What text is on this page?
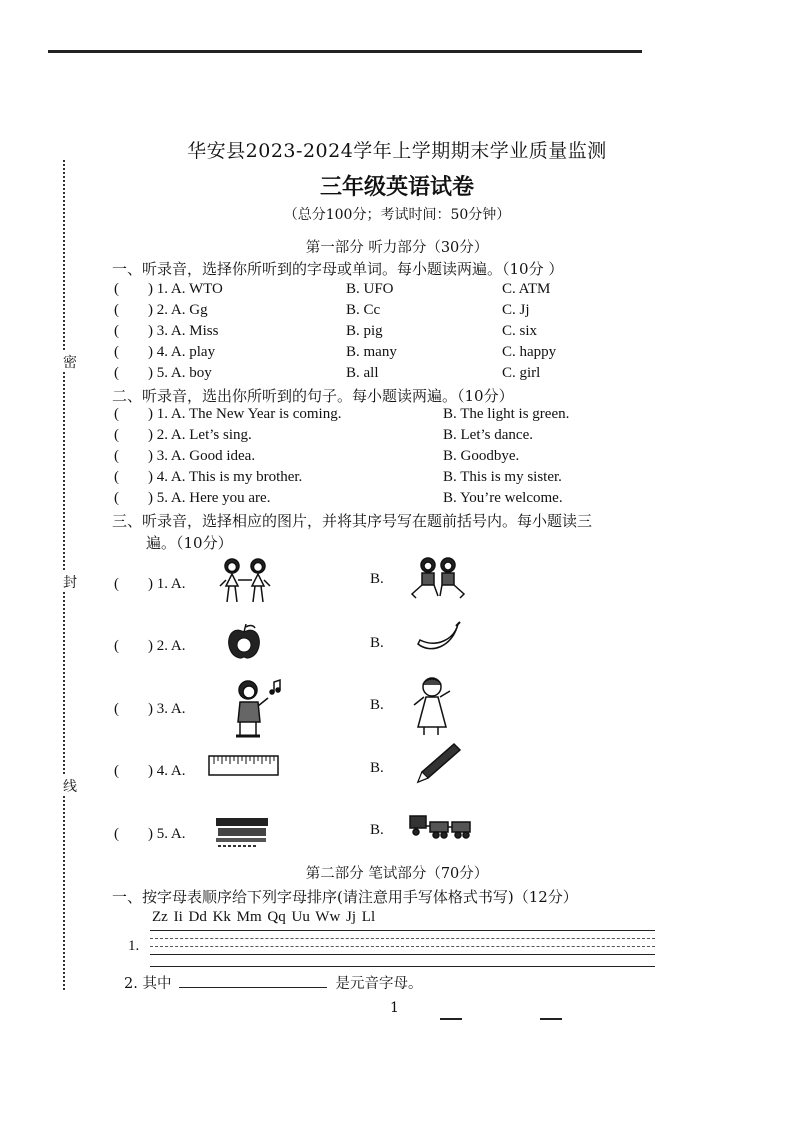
密
封
线
华安县2023-2024学年上学期期末学业质量监测
三年级英语试卷
（总分100分；考试时间：50分钟）
第一部分 听力部分（30分）
一、听录音，选择你所听到的字母或单词。每小题读两遍。（10分 ）
( ) 1. A. WTO	B. UFO	C. ATM
( ) 2. A. Gg	B. Cc	C. Jj
( ) 3. A. Miss	B. pig	C. six
( ) 4. A. play	B. many	C. happy
( ) 5. A. boy	B. all	C. girl
二、听录音，选出你所听到的句子。每小题读两遍。（10分）
( ) 1. A. The New Year is coming.	B. The light is green.
( ) 2. A. Let’s sing.	B. Let’s dance.
( ) 3. A. Good idea.	B. Goodbye.
( ) 4. A. This is my brother.	B. This is my sister.
( ) 5. A. Here you are.	B. You’re welcome.
三、听录音，选择相应的图片，并将其序号写在题前括号内。每小题读三
遍。（10分）
( ) 1. A.	B.
( ) 2. A.	B.
( ) 3. A.	B.
( ) 4. A.	B.
( ) 5. A.	B.
第二部分 笔试部分（70分）
一、按字母表顺序给下列字母排序(请注意用手写体格式书写)（12分）
Zz Ii Dd Kk Mm Qq Uu Ww Jj Ll
1.
2. 其中	是元音字母。
1
